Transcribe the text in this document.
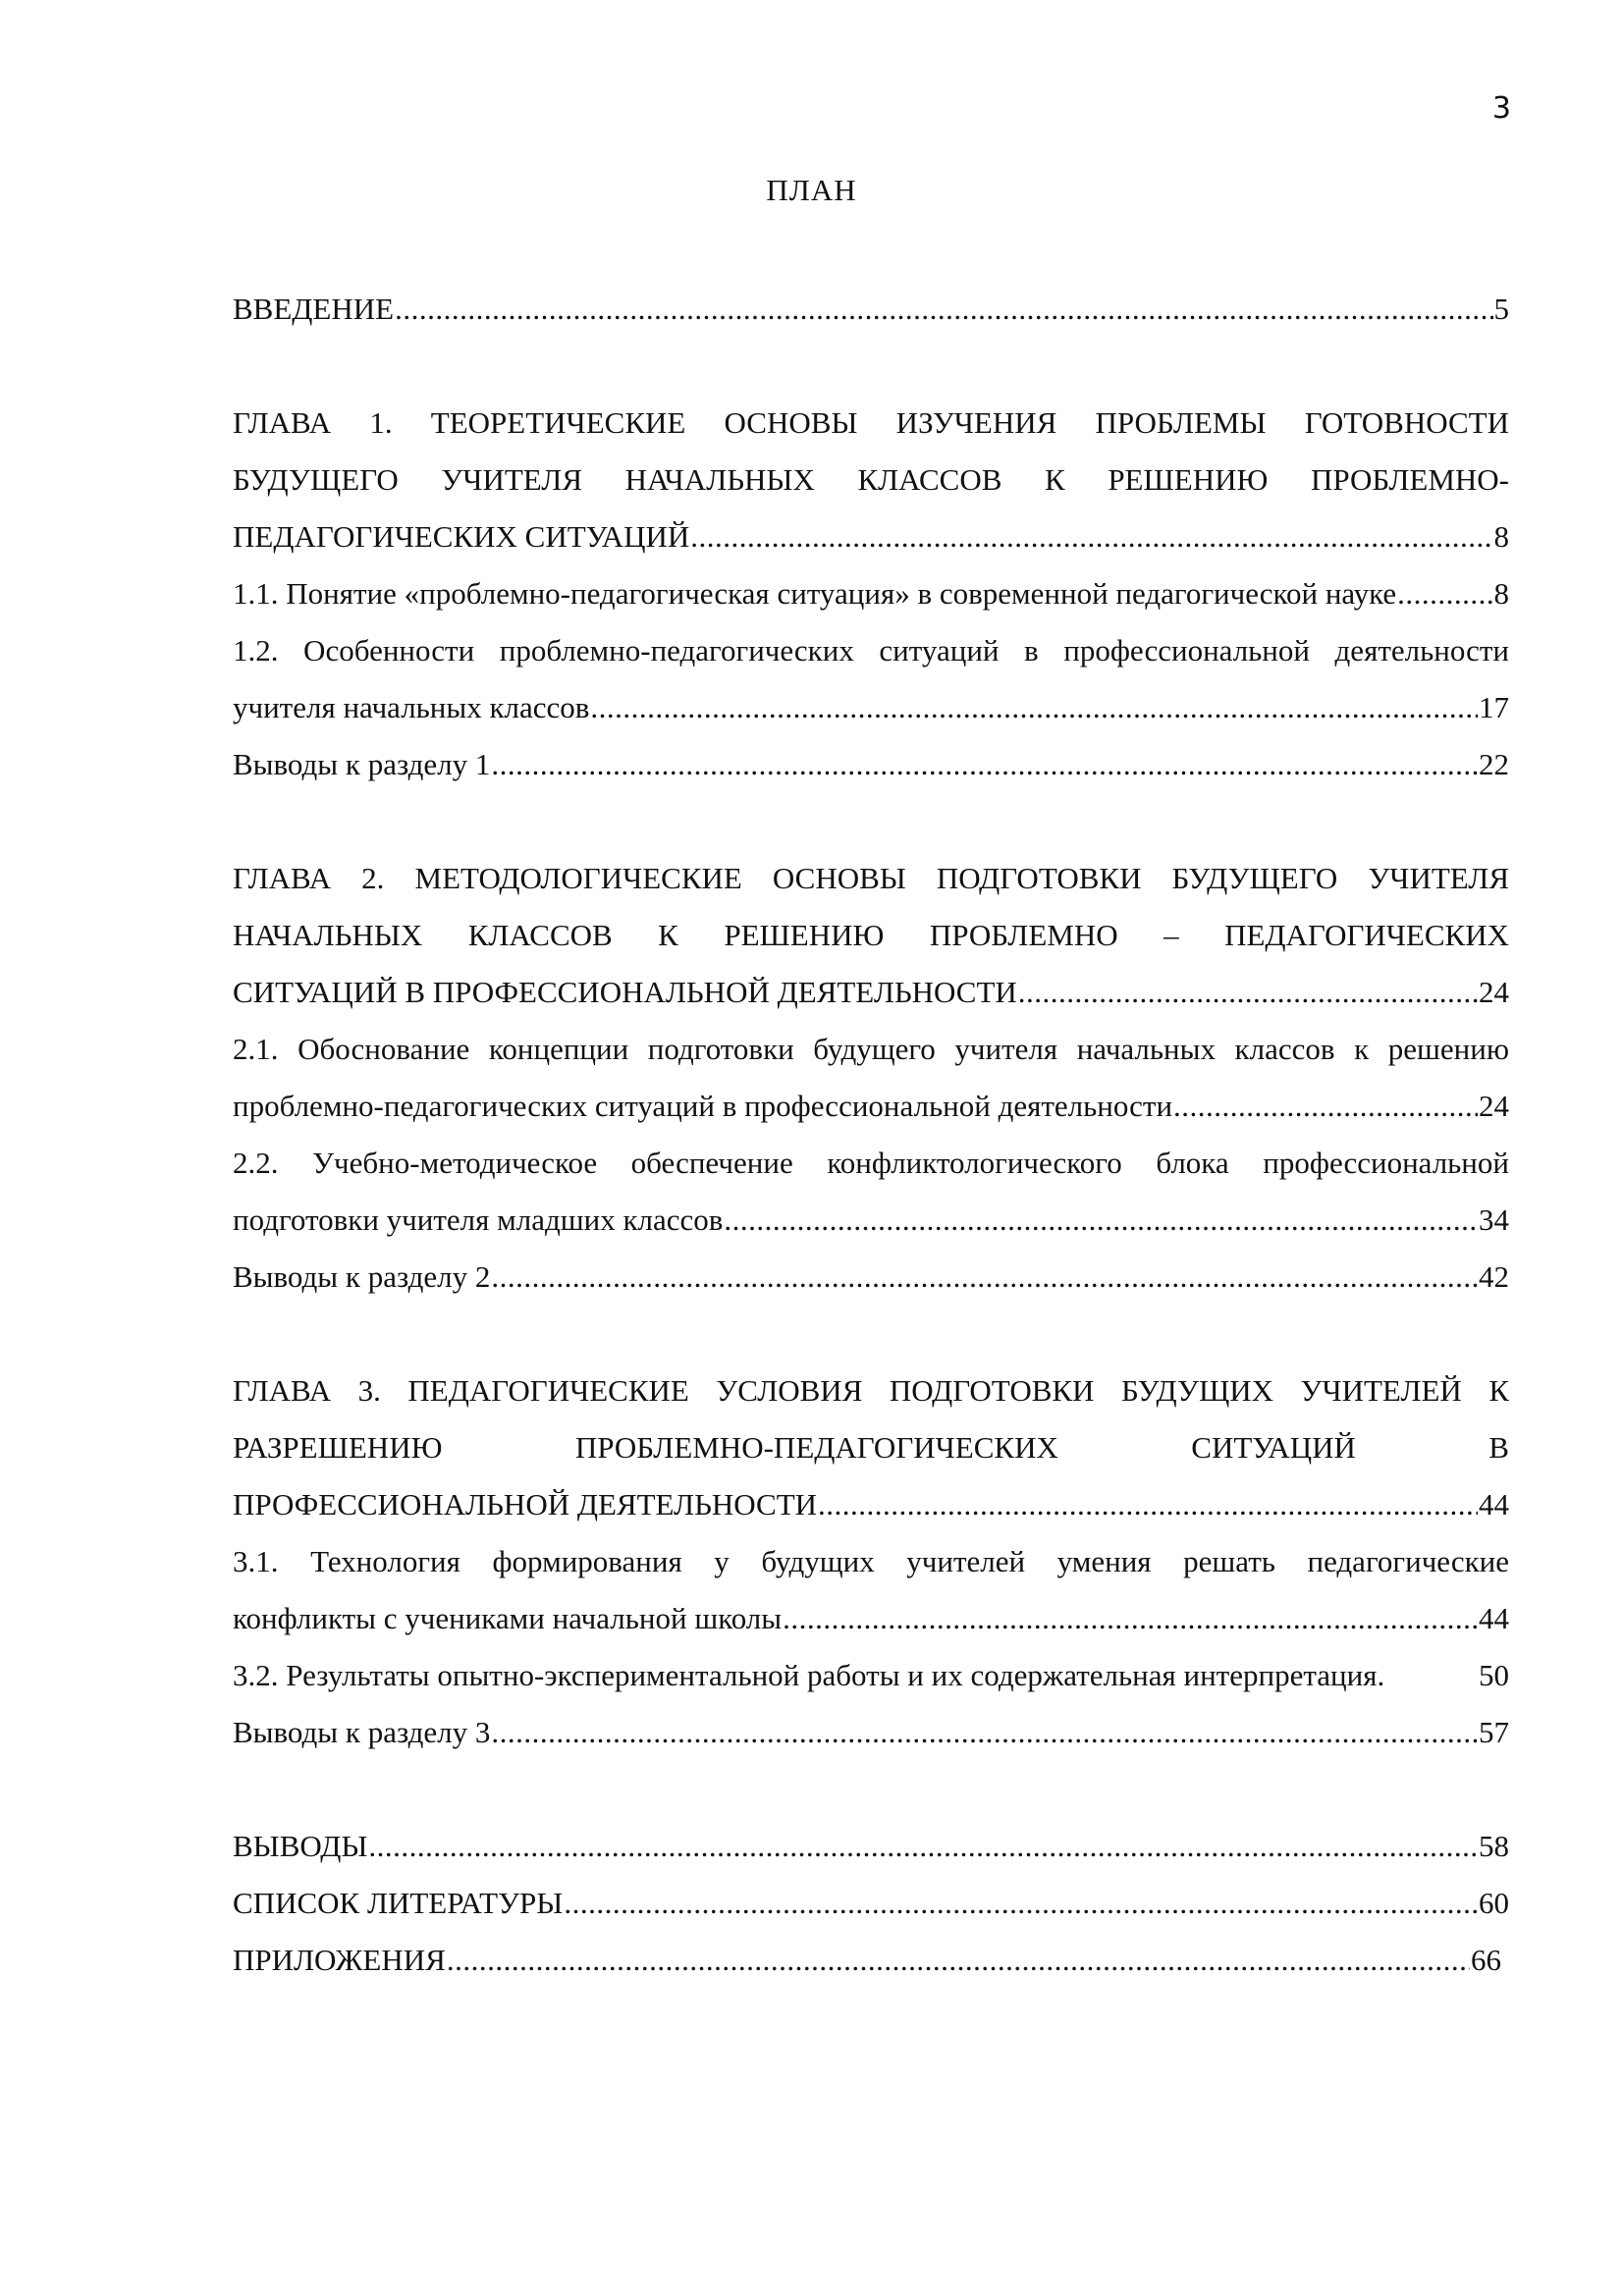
3
ПЛАН
ВВЕДЕНИЕ .....	5
ГЛАВА 1. ТЕОРЕТИЧЕСКИЕ ОСНОВЫ ИЗУЧЕНИЯ ПРОБЛЕМЫ ГОТОВНОСТИ
БУДУЩЕГО УЧИТЕЛЯ НАЧАЛЬНЫХ КЛАССОВ К РЕШЕНИЮ ПРОБЛЕМНО-
ПЕДАГОГИЧЕСКИХ СИТУАЦИЙ .....	8
1.1. Понятие «проблемно-педагогическая ситуация» в современной педагогической науке .....	8
1.2. Особенности проблемно-педагогических ситуаций в профессиональной деятельности
учителя начальных классов .....	17
Выводы к разделу 1 .....	22
ГЛАВА 2. МЕТОДОЛОГИЧЕСКИЕ ОСНОВЫ ПОДГОТОВКИ БУДУЩЕГО УЧИТЕЛЯ
НАЧАЛЬНЫХ КЛАССОВ К РЕШЕНИЮ ПРОБЛЕМНО – ПЕДАГОГИЧЕСКИХ
СИТУАЦИЙ В ПРОФЕССИОНАЛЬНОЙ ДЕЯТЕЛЬНОСТИ .....	24
2.1. Обоснование концепции подготовки будущего учителя начальных классов к решению
проблемно-педагогических ситуаций в профессиональной деятельности .....	24
2.2. Учебно-методическое обеспечение конфликтологического блока профессиональной
подготовки учителя младших классов .....	34
Выводы к разделу 2 .....	42
ГЛАВА 3. ПЕДАГОГИЧЕСКИЕ УСЛОВИЯ ПОДГОТОВКИ БУДУЩИХ УЧИТЕЛЕЙ К
РАЗРЕШЕНИЮ ПРОБЛЕМНО-ПЕДАГОГИЧЕСКИХ СИТУАЦИЙ В
ПРОФЕССИОНАЛЬНОЙ ДЕЯТЕЛЬНОСТИ .....	44
3.1. Технология формирования у будущих учителей умения решать педагогические
конфликты с учениками начальной школы .....	44
3.2. Результаты опытно-экспериментальной работы и их содержательная интерпретация.	50
Выводы к разделу 3 .....	57
ВЫВОДЫ .....	58
СПИСОК ЛИТЕРАТУРЫ .....	60
ПРИЛОЖЕНИЯ .....	66
